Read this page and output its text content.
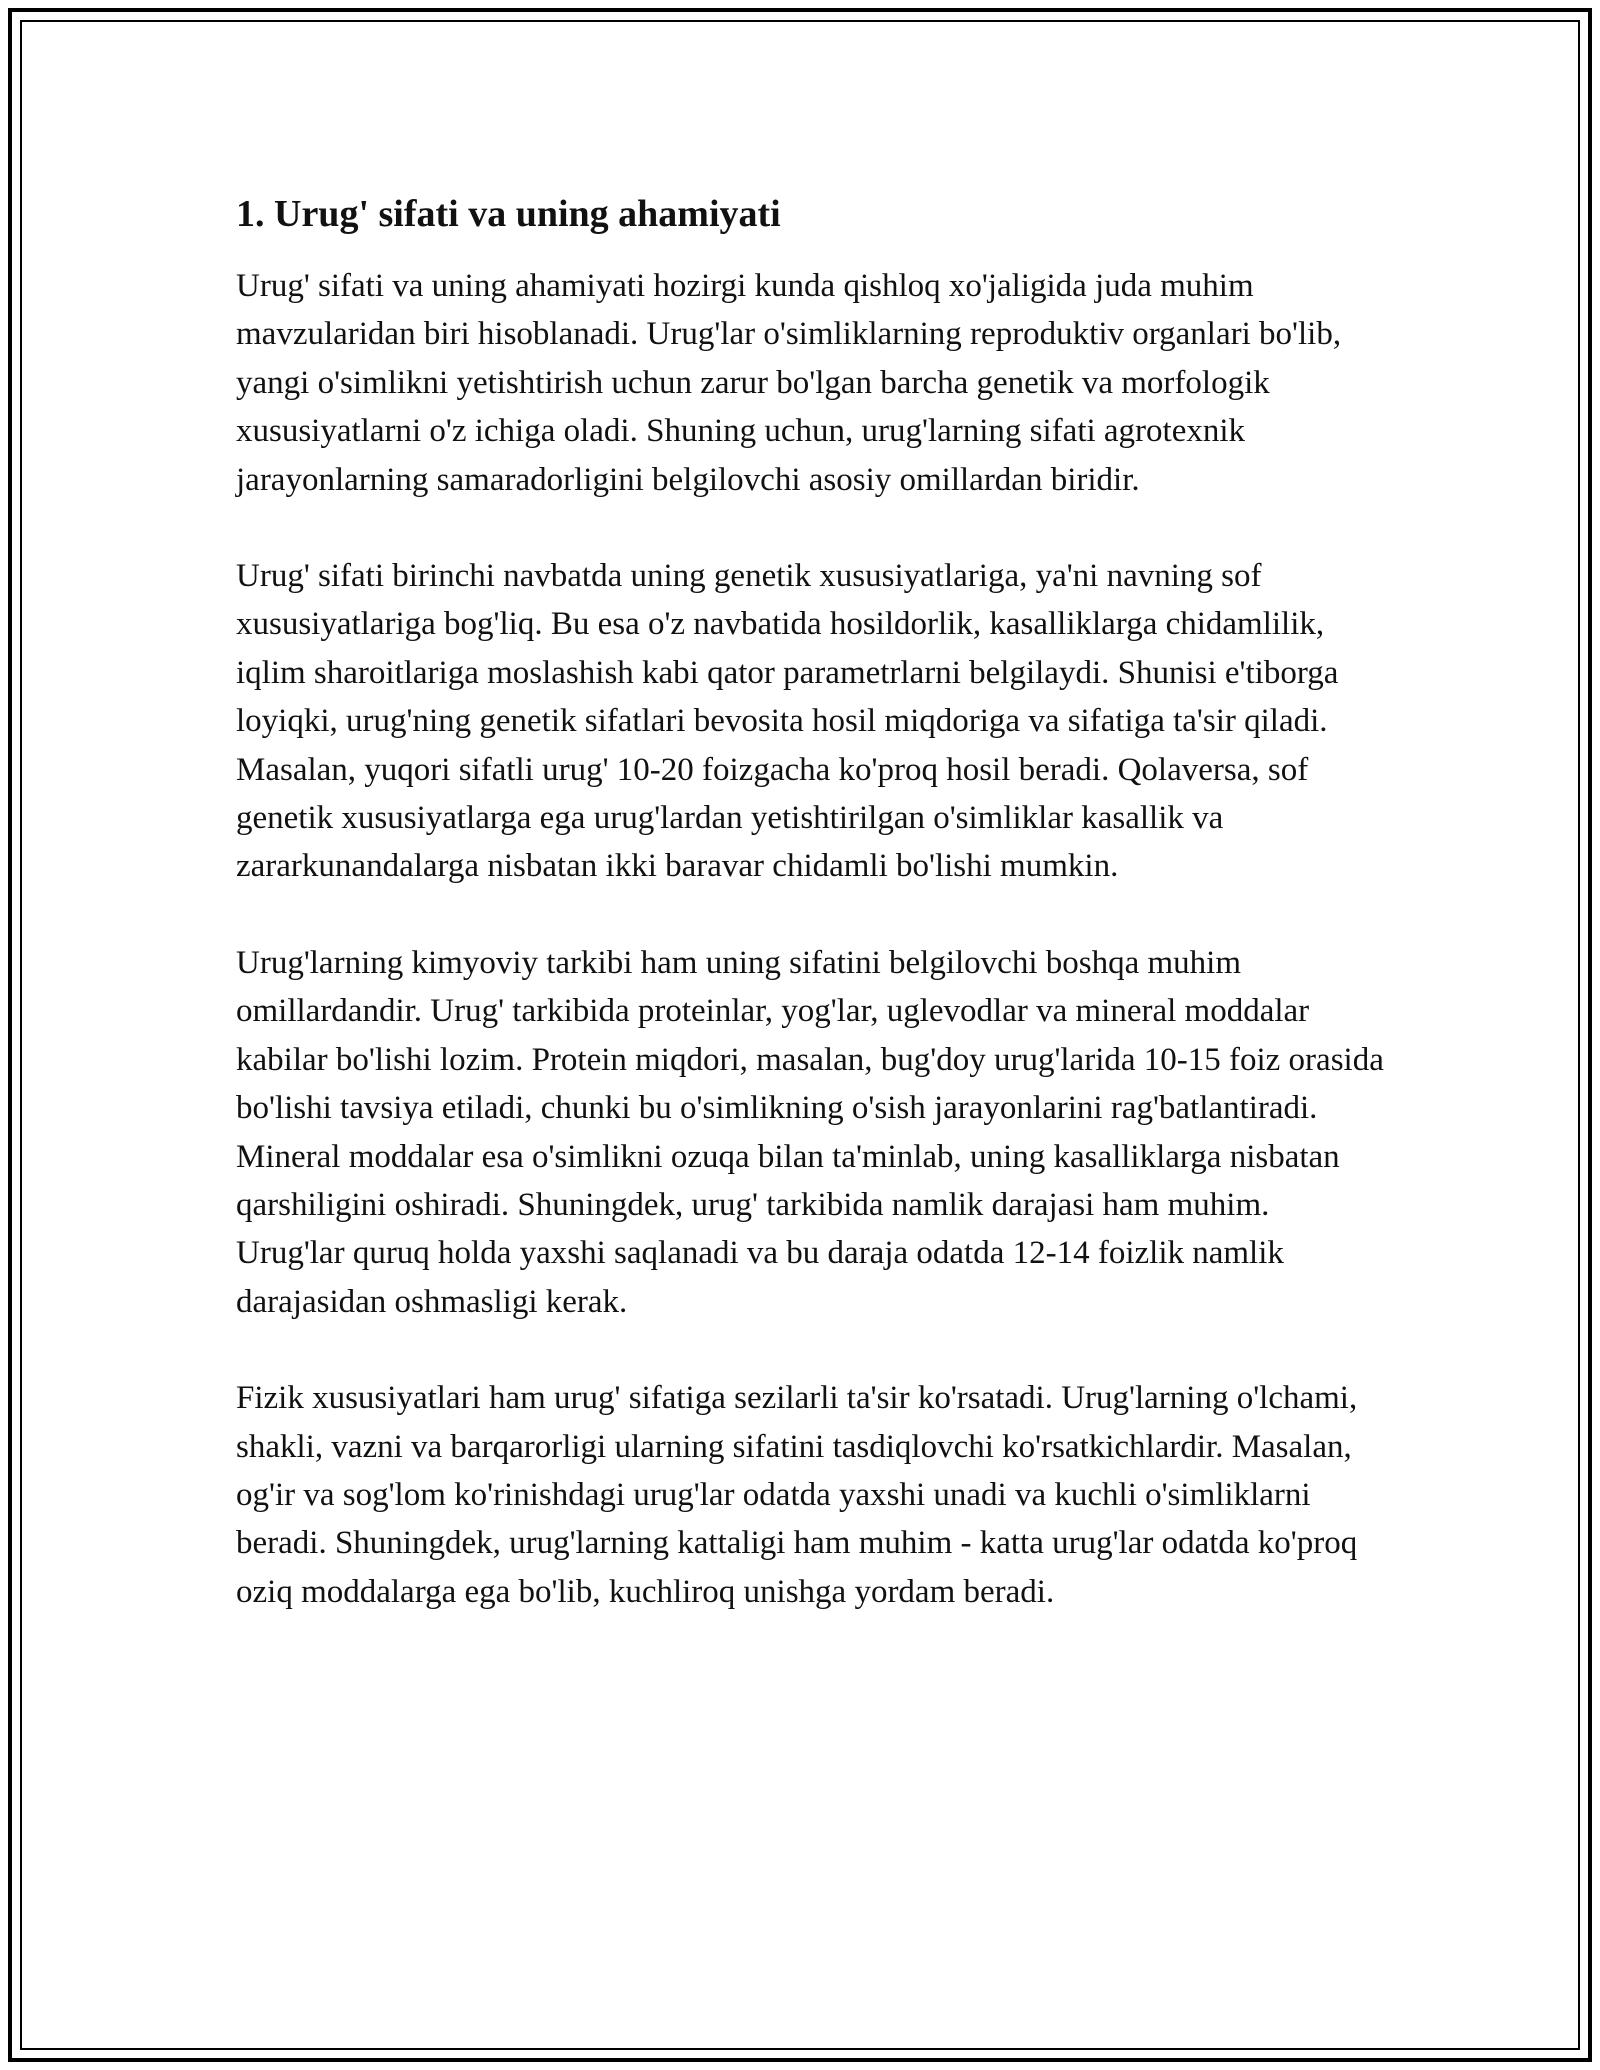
1. Urug' sifati va uning ahamiyati

Urug' sifati va uning ahamiyati hozirgi kunda qishloq xo'jaligida juda muhim mavzularidan biri hisoblanadi. Urug'lar o'simliklarning reproduktiv organlari bo'lib, yangi o'simlikni yetishtirish uchun zarur bo'lgan barcha genetik va morfologik xususiyatlarni o'z ichiga oladi. Shuning uchun, urug'larning sifati agrotexnik jarayonlarning samaradorligini belgilovchi asosiy omillardan biridir.

Urug' sifati birinchi navbatda uning genetik xususiyatlariga, ya'ni navning sof xususiyatlariga bog'liq. Bu esa o'z navbatida hosildorlik, kasalliklarga chidamlilik, iqlim sharoitlariga moslashish kabi qator parametrlarni belgilaydi. Shunisi e'tiborga loyiqki, urug'ning genetik sifatlari bevosita hosil miqdoriga va sifatiga ta'sir qiladi. Masalan, yuqori sifatli urug' 10-20 foizgacha ko'proq hosil beradi. Qolaversa, sof genetik xususiyatlarga ega urug'lardan yetishtirilgan o'simliklar kasallik va zararkunandalarga nisbatan ikki baravar chidamli bo'lishi mumkin.

Urug'larning kimyoviy tarkibi ham uning sifatini belgilovchi boshqa muhim omillardandir. Urug' tarkibida proteinlar, yog'lar, uglevodlar va mineral moddalar kabilar bo'lishi lozim. Protein miqdori, masalan, bug'doy urug'larida 10-15 foiz orasida bo'lishi tavsiya etiladi, chunki bu o'simlikning o'sish jarayonlarini rag'batlantiradi. Mineral moddalar esa o'simlikni ozuqa bilan ta'minlab, uning kasalliklarga nisbatan qarshiligini oshiradi. Shuningdek, urug' tarkibida namlik darajasi ham muhim. Urug'lar quruq holda yaxshi saqlanadi va bu daraja odatda 12-14 foizlik namlik darajasidan oshmasligi kerak.

Fizik xususiyatlari ham urug' sifatiga sezilarli ta'sir ko'rsatadi. Urug'larning o'lchami, shakli, vazni va barqarorligi ularning sifatini tasdiqlovchi ko'rsatkichlardir. Masalan, og'ir va sog'lom ko'rinishdagi urug'lar odatda yaxshi unadi va kuchli o'simliklarni beradi. Shuningdek, urug'larning kattaligi ham muhim - katta urug'lar odatda ko'proq oziq moddalarga ega bo'lib, kuchliroq unishga yordam beradi.
